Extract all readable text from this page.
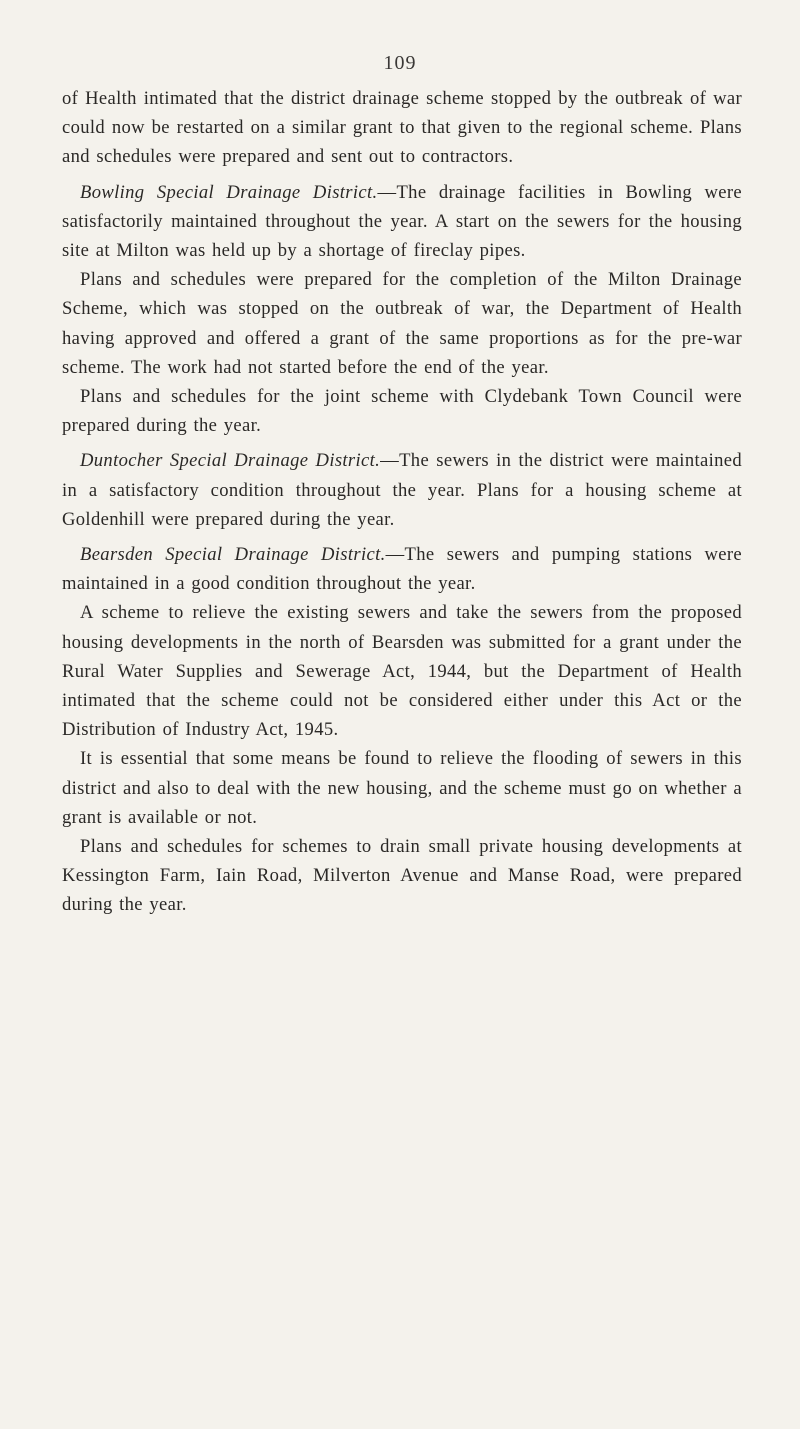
109

of Health intimated that the district drainage scheme stopped by the outbreak of war could now be restarted on a similar grant to that given to the regional scheme. Plans and schedules were prepared and sent out to contractors.

Bowling Special Drainage District.—The drainage facilities in Bowling were satisfactorily maintained throughout the year. A start on the sewers for the housing site at Milton was held up by a shortage of fireclay pipes.

Plans and schedules were prepared for the completion of the Milton Drainage Scheme, which was stopped on the outbreak of war, the Department of Health having approved and offered a grant of the same proportions as for the pre-war scheme. The work had not started before the end of the year.

Plans and schedules for the joint scheme with Clydebank Town Council were prepared during the year.

Duntocher Special Drainage District.—The sewers in the district were maintained in a satisfactory condition throughout the year. Plans for a housing scheme at Goldenhill were prepared during the year.

Bearsden Special Drainage District.—The sewers and pumping stations were maintained in a good condition throughout the year.

A scheme to relieve the existing sewers and take the sewers from the proposed housing developments in the north of Bearsden was submitted for a grant under the Rural Water Supplies and Sewerage Act, 1944, but the Department of Health intimated that the scheme could not be considered either under this Act or the Distribution of Industry Act, 1945.

It is essential that some means be found to relieve the flooding of sewers in this district and also to deal with the new housing, and the scheme must go on whether a grant is available or not.

Plans and schedules for schemes to drain small private housing developments at Kessington Farm, Iain Road, Milverton Avenue and Manse Road, were prepared during the year.
